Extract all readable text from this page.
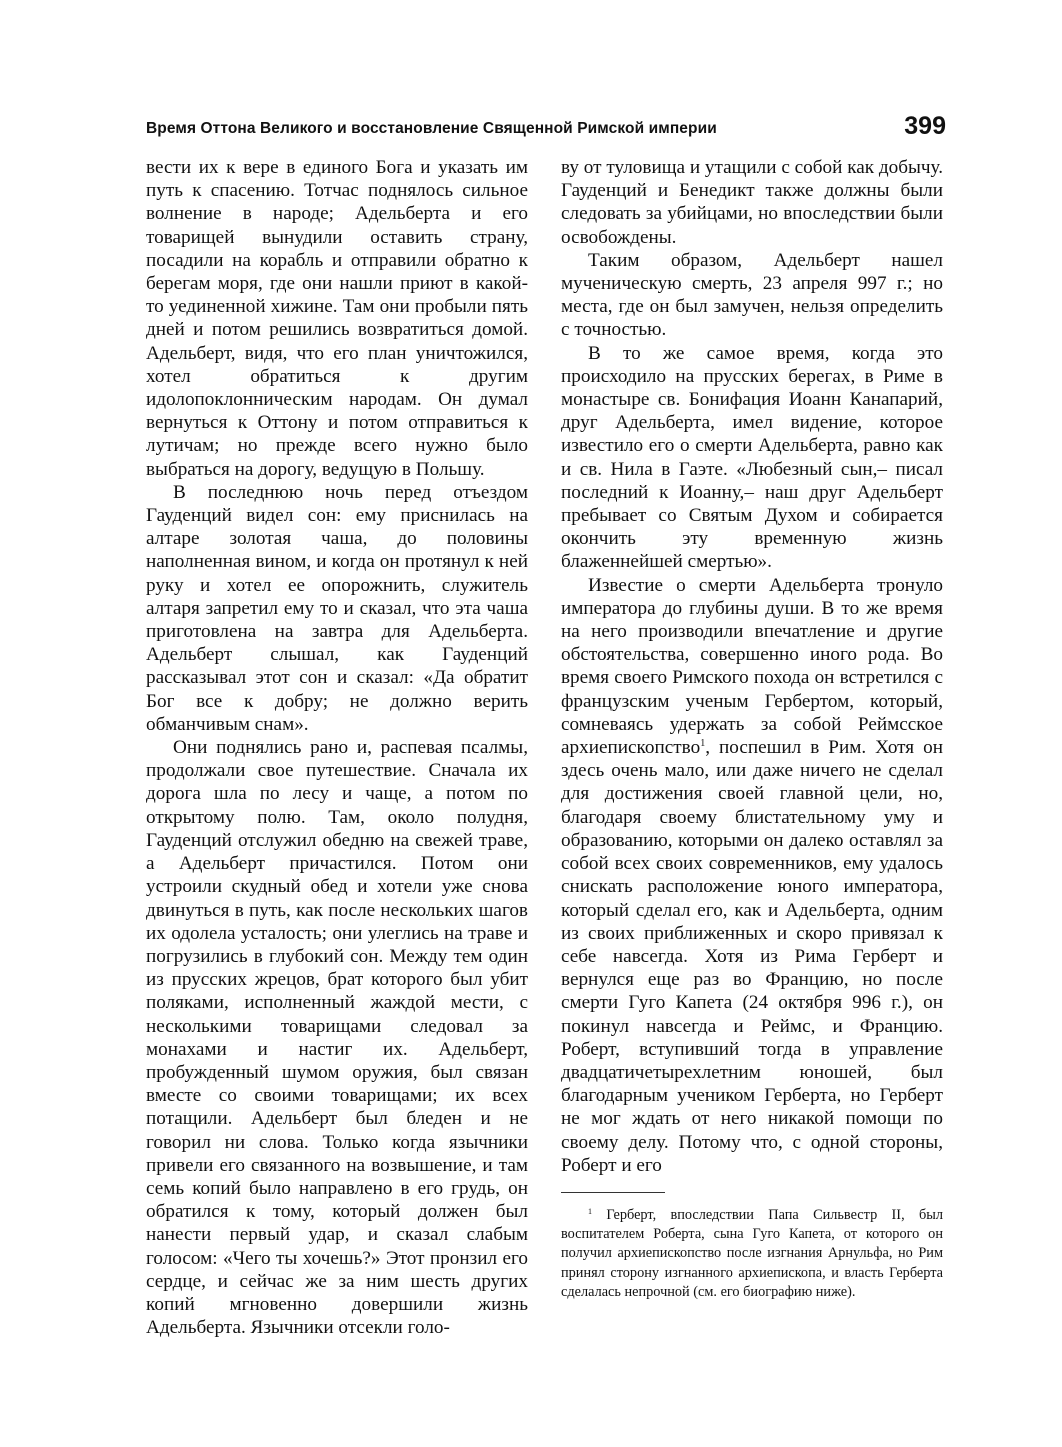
Время Оттона Великого и восстановление Священной Римской империи	399

вести их к вере в единого Бога и указать им путь к спасению. Тотчас поднялось сильное волнение в народе; Адельберта и его товарищей вынудили оставить страну, посадили на корабль и отправили обратно к берегам моря, где они нашли приют в какой-то уединенной хижине. Там они пробыли пять дней и потом решились возвратиться домой. Адельберт, видя, что его план уничтожился, хотел обратиться к другим идолопоклонническим народам. Он думал вернуться к Оттону и потом отправиться к лутичам; но прежде всего нужно было выбраться на дорогу, ведущую в Польшу.

В последнюю ночь перед отъездом Гауденций видел сон: ему приснилась на алтаре золотая чаша, до половины наполненная вином, и когда он протянул к ней руку и хотел ее опорожнить, служитель алтаря запретил ему то и сказал, что эта чаша приготовлена на завтра для Адельберта. Адельберт слышал, как Гауденций рассказывал этот сон и сказал: «Да обратит Бог все к добру; не должно верить обманчивым снам».

Они поднялись рано и, распевая псалмы, продолжали свое путешествие. Сначала их дорога шла по лесу и чаще, а потом по открытому полю. Там, около полудня, Гауденций отслужил обедню на свежей траве, а Адельберт причастился. Потом они устроили скудный обед и хотели уже снова двинуться в путь, как после нескольких шагов их одолела усталость; они улеглись на траве и погрузились в глубокий сон. Между тем один из прусских жрецов, брат которого был убит поляками, исполненный жаждой мести, с несколькими товарищами следовал за монахами и настиг их. Адельберт, пробужденный шумом оружия, был связан вместе со своими товарищами; их всех потащили. Адельберт был бледен и не говорил ни слова. Только когда язычники привели его связанного на возвышение, и там семь копий было направлено в его грудь, он обратился к тому, который должен был нанести первый удар, и сказал слабым голосом: «Чего ты хочешь?» Этот пронзил его сердце, и сейчас же за ним шесть других копий мгновенно довершили жизнь Адельберта. Язычники отсекли голо-

ву от туловища и утащили с собой как добычу. Гауденций и Бенедикт также должны были следовать за убийцами, но впоследствии были освобождены.

Таким образом, Адельберт нашел мученическую смерть, 23 апреля 997 г.; но места, где он был замучен, нельзя определить с точностью.

В то же самое время, когда это происходило на прусских берегах, в Риме в монастыре св. Бонифация Иоанн Канапарий, друг Адельберта, имел видение, которое известило его о смерти Адельберта, равно как и св. Нила в Гаэте. «Любезный сын,– писал последний к Иоанну,– наш друг Адельберт пребывает со Святым Духом и собирается окончить эту временную жизнь блаженнейшей смертью».

Известие о смерти Адельберта тронуло императора до глубины души. В то же время на него производили впечатление и другие обстоятельства, совершенно иного рода. Во время своего Римского похода он встретился с французским ученым Гербертом, который, сомневаясь удержать за собой Реймсское архиепископство$^1$, поспешил в Рим. Хотя он здесь очень мало, или даже ничего не сделал для достижения своей главной цели, но, благодаря своему блистательному уму и образованию, которыми он далеко оставлял за собой всех своих современников, ему удалось снискать расположение юного императора, который сделал его, как и Адельберта, одним из своих приближенных и скоро привязал к себе навсегда. Хотя из Рима Герберт и вернулся еще раз во Францию, но после смерти Гуго Капета (24 октября 996 г.), он покинул навсегда и Реймс, и Францию. Роберт, вступивший тогда в управление двадцатичетырехлетним юношей, был благодарным учеником Герберта, но Герберт не мог ждать от него никакой помощи по своему делу. Потому что, с одной стороны, Роберт и его

$^1$ Герберт, впоследствии Папа Сильвестр II, был воспитателем Роберта, сына Гуго Капета, от которого он получил архиепископство после изгнания Арнульфа, но Рим принял сторону изгнанного архиепископа, и власть Герберта сделалась непрочной (см. его биографию ниже).
